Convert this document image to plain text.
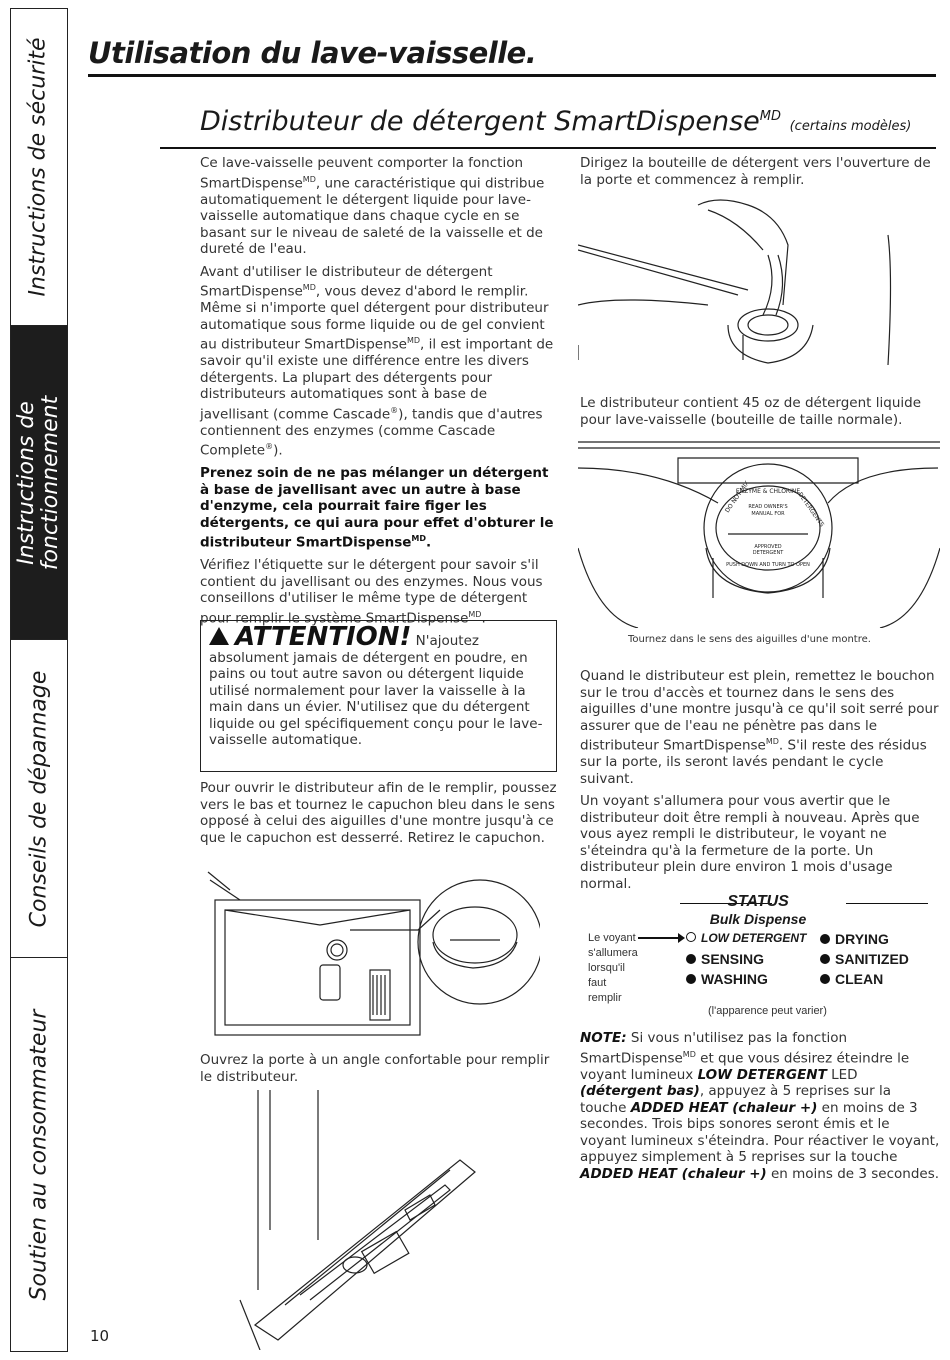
Instructions de sécurité
Instructions de
fonctionnement
Conseils de dépannage
Soutien au consommateur
Utilisation du lave-vaisselle.
Distributeur de détergent SmartDispense$^{MD}$ (certains modèles)

Ce lave-vaisselle peuvent comporter la fonction SmartDispense$^{MD}$, une caractéristique qui distribue automatiquement le détergent liquide pour lave-vaisselle automatique dans chaque cycle en se basant sur le niveau de saleté de la vaisselle et de dureté de l'eau.

Avant d'utiliser le distributeur de détergent SmartDispense$^{MD}$, vous devez d'abord le remplir. Même si n'importe quel détergent pour distributeur automatique sous forme liquide ou de gel convient au distributeur SmartDispense$^{MD}$, il est important de savoir qu'il existe une différence entre les divers détergents. La plupart des détergents pour distributeurs automatiques sont à base de javellisant (comme Cascade®), tandis que d'autres contiennent des enzymes (comme Cascade Complete®).

Prenez soin de ne pas mélanger un détergent à base de javellisant avec un autre à base d'enzyme, cela pourrait faire figer les détergents, ce qui aura pour effet d'obturer le distributeur SmartDispense$^{MD}$.

Vérifiez l'étiquette sur le détergent pour savoir s'il contient du javellisant ou des enzymes. Nous vous conseillons d'utiliser le même type de détergent pour remplir le système SmartDispense$^{MD}$.

ATTENTION! N'ajoutez
absolument jamais de détergent en poudre, en pains ou tout autre savon ou détergent liquide utilisé normalement pour laver la vaisselle à la main dans un évier. N'utilisez que du détergent liquide ou gel spécifiquement conçu pour le lave-vaisselle automatique.

Pour ouvrir le distributeur afin de le remplir, poussez vers le bas et tournez le capuchon bleu dans le sens opposé à celui des aiguilles d'une montre jusqu'à ce que le capuchon est desserré. Retirez le capuchon.

Ouvrez la porte à un angle confortable pour remplir le distributeur.

Dirigez la bouteille de détergent vers l'ouverture de la porte et commencez à remplir.

Le distributeur contient 45 oz de détergent liquide pour lave-vaisselle (bouteille de taille normale).

ENZYME & CHLORINE
READ OWNER'S
MANUAL FOR
DO NOT MIX	DETERGENTS
APPROVED
DETERGENT
PUSH DOWN AND TURN TO OPEN
Tournez dans le sens des aiguilles d'une montre.

Quand le distributeur est plein, remettez le bouchon sur le trou d'accès et tournez dans le sens des aiguilles d'une montre jusqu'à ce qu'il soit serré pour assurer que de l'eau ne pénètre pas dans le distributeur SmartDispense$^{MD}$. S'il reste des résidus sur la porte, ils seront lavés pendant le cycle suivant.

Un voyant s'allumera pour vous avertir que le distributeur doit être rempli à nouveau. Après que vous ayez rempli le distributeur, le voyant ne s'éteindra qu'à la fermeture de la porte. Un distributeur plein dure environ 1 mois d'usage normal.

STATUS
Bulk Dispense
Le voyant s'allumera lorsqu'il faut remplir
LOW DETERGENT	DRYING
SENSING	SANITIZED
WASHING	CLEAN
(l'apparence peut varier)

NOTE: Si vous n'utilisez pas la fonction SmartDispense$^{MD}$ et que vous désirez éteindre le voyant lumineux LOW DETERGENT LED (détergent bas), appuyez à 5 reprises sur la touche ADDED HEAT (chaleur +) en moins de 3 secondes. Trois bips sonores seront émis et le voyant lumineux s'éteindra. Pour réactiver le voyant, appuyez simplement à 5 reprises sur la touche ADDED HEAT (chaleur +) en moins de 3 secondes.

10
